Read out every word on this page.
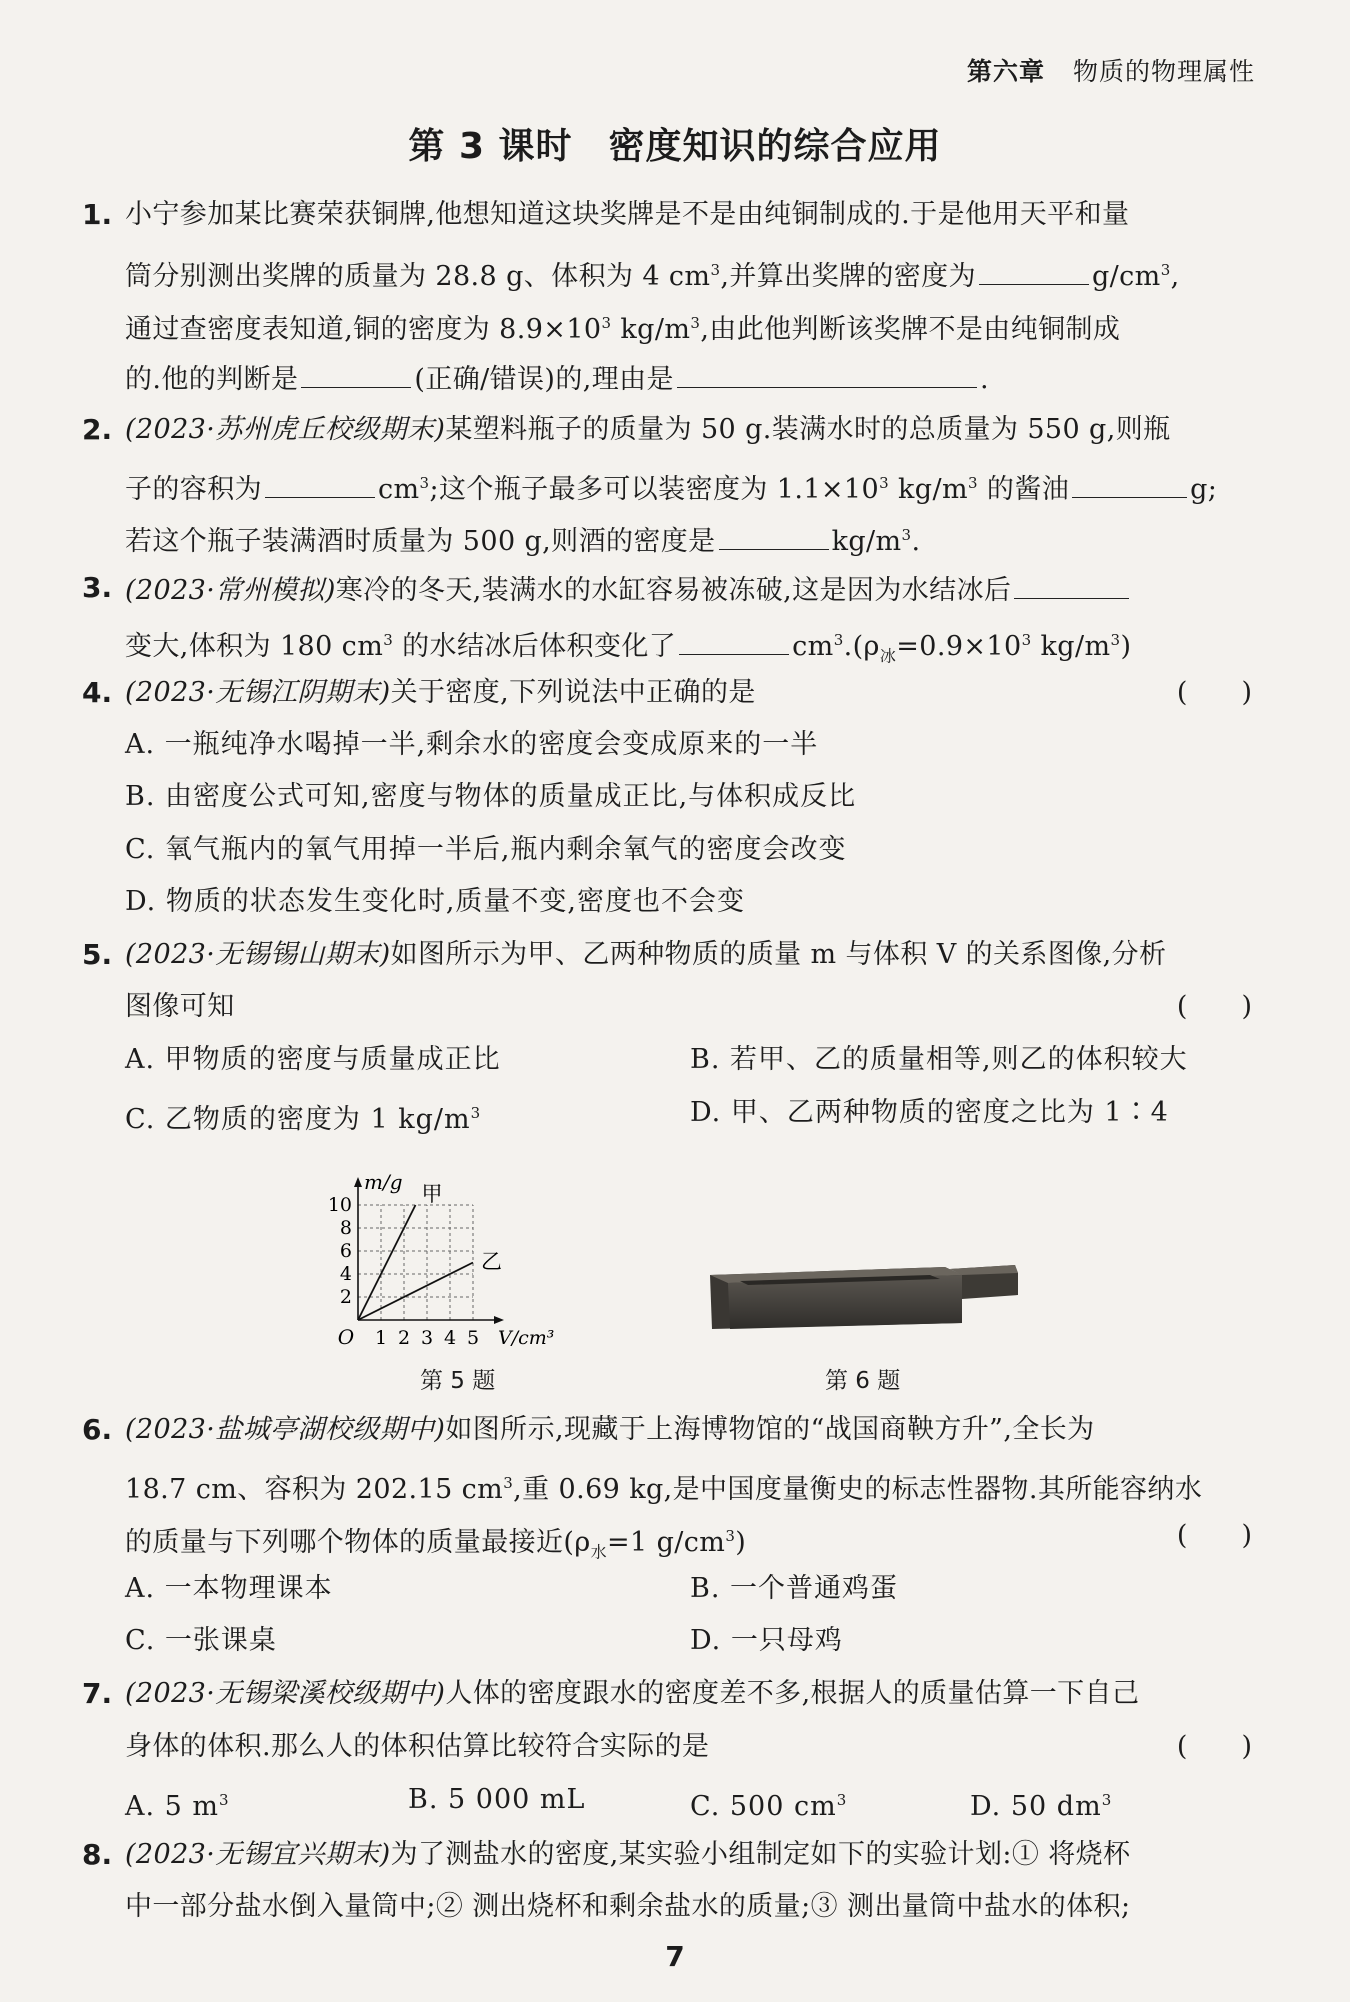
第六章 物质的物理属性
第 3 课时 密度知识的综合应用
1. 小宁参加某比赛荣获铜牌,他想知道这块奖牌是不是由纯铜制成的.于是他用天平和量
筒分别测出奖牌的质量为 28.8 g、体积为 4 $cm^3$,并算出奖牌的密度为	$g/cm^3$,
通过查密度表知道,铜的密度为 $8.9\times 10^3$ $kg/m^3$,由此他判断该奖牌不是由纯铜制成
的.他的判断是	(正确/错误)的,理由是	.
2. (2023·苏州虎丘校级期末)某塑料瓶子的质量为 50 g.装满水时的总质量为 550 g,则瓶
子的容积为	$cm^3$;这个瓶子最多可以装密度为 $1.1\times 10^3$ $kg/m^3$ 的酱油	g;
若这个瓶子装满酒时质量为 500 g,则酒的密度是	$kg/m^3$.
3. (2023·常州模拟)寒冷的冬天,装满水的水缸容易被冻破,这是因为水结冰后
变大,体积为 180 $cm^3$ 的水结冰后体积变化了	$cm^3.(\rho_冰=0.9\times 10^3$ $kg/m^3$)
4. (2023·无锡江阴期末)关于密度,下列说法中正确的是	(　　)
A. 一瓶纯净水喝掉一半,剩余水的密度会变成原来的一半
B. 由密度公式可知,密度与物体的质量成正比,与体积成反比
C. 氧气瓶内的氧气用掉一半后,瓶内剩余氧气的密度会改变
D. 物质的状态发生变化时,质量不变,密度也不会变
5. (2023·无锡锡山期末)如图所示为甲、乙两种物质的质量 m 与体积 V 的关系图像,分析
图像可知	(　　)
A. 甲物质的密度与质量成正比	B. 若甲、乙的质量相等,则乙的体积较大
C. 乙物质的密度为 1 $kg/m^3$	D. 甲、乙两种物质的密度之比为 1∶4
1 2 3 4 5
2
4
6
8
10
O
m/g
V/cm³
甲
乙
第 5 题	第 6 题
6. (2023·盐城亭湖校级期中)如图所示,现藏于上海博物馆的“战国商鞅方升”,全长为
18.7 cm、容积为 202.15 $cm^3$,重 0.69 kg,是中国度量衡史的标志性器物.其所能容纳水
的质量与下列哪个物体的质量最接近($\rho_水=1$ $g/cm^3$)	(　　)
A. 一本物理课本	B. 一个普通鸡蛋
C. 一张课桌	D. 一只母鸡
7. (2023·无锡梁溪校级期中)人体的密度跟水的密度差不多,根据人的质量估算一下自己
身体的体积.那么人的体积估算比较符合实际的是	(　　)
A. 5 $m^3$	B. 5 000 mL	C. 500 $cm^3$	D. 50 $dm^3$
8. (2023·无锡宜兴期末)为了测盐水的密度,某实验小组制定如下的实验计划:① 将烧杯
中一部分盐水倒入量筒中;② 测出烧杯和剩余盐水的质量;③ 测出量筒中盐水的体积;
7
